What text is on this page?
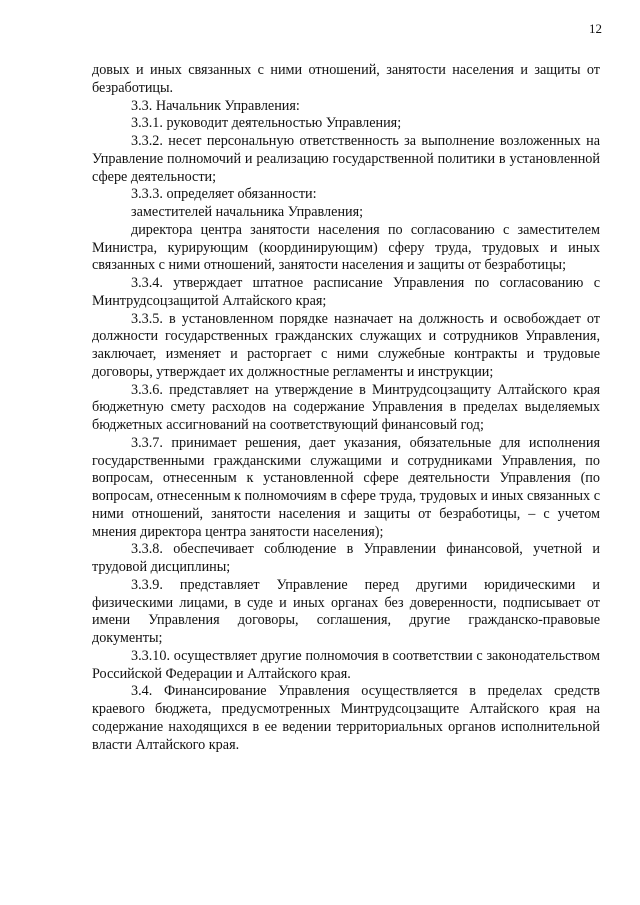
12

довых и иных связанных с ними отношений, занятости населения и защиты от безработицы.

3.3. Начальник Управления:

3.3.1. руководит деятельностью Управления;

3.3.2. несет персональную ответственность за выполнение возложенных на Управление полномочий и реализацию государственной политики в установленной сфере деятельности;

3.3.3. определяет обязанности:

заместителей начальника Управления;

директора центра занятости населения по согласованию с заместителем Министра, курирующим (координирующим) сферу труда, трудовых и иных связанных с ними отношений, занятости населения и защиты от безработицы;

3.3.4. утверждает штатное расписание Управления по согласованию с Минтрудсоцзащитой Алтайского края;

3.3.5. в установленном порядке назначает на должность и освобождает от должности государственных гражданских служащих и сотрудников Управления, заключает, изменяет и расторгает с ними служебные контракты и трудовые договоры, утверждает их должностные регламенты и инструкции;

3.3.6. представляет на утверждение в Минтрудсоцзащиту Алтайского края бюджетную смету расходов на содержание Управления в пределах выделяемых бюджетных ассигнований на соответствующий финансовый год;

3.3.7. принимает решения, дает указания, обязательные для исполнения государственными гражданскими служащими и сотрудниками Управления, по вопросам, отнесенным к установленной сфере деятельности Управления (по вопросам, отнесенным к полномочиям в сфере труда, трудовых и иных связанных с ними отношений, занятости населения и защиты от безработицы, – с учетом мнения директора центра занятости населения);

3.3.8. обеспечивает соблюдение в Управлении финансовой, учетной и трудовой дисциплины;

3.3.9. представляет Управление перед другими юридическими и физическими лицами, в суде и иных органах без доверенности, подписывает от имени Управления договоры, соглашения, другие гражданско-правовые документы;

3.3.10. осуществляет другие полномочия в соответствии с законодательством Российской Федерации и Алтайского края.

3.4. Финансирование Управления осуществляется в пределах средств краевого бюджета, предусмотренных Минтрудсоцзащите Алтайского края на содержание находящихся в ее ведении территориальных органов исполнительной власти Алтайского края.
